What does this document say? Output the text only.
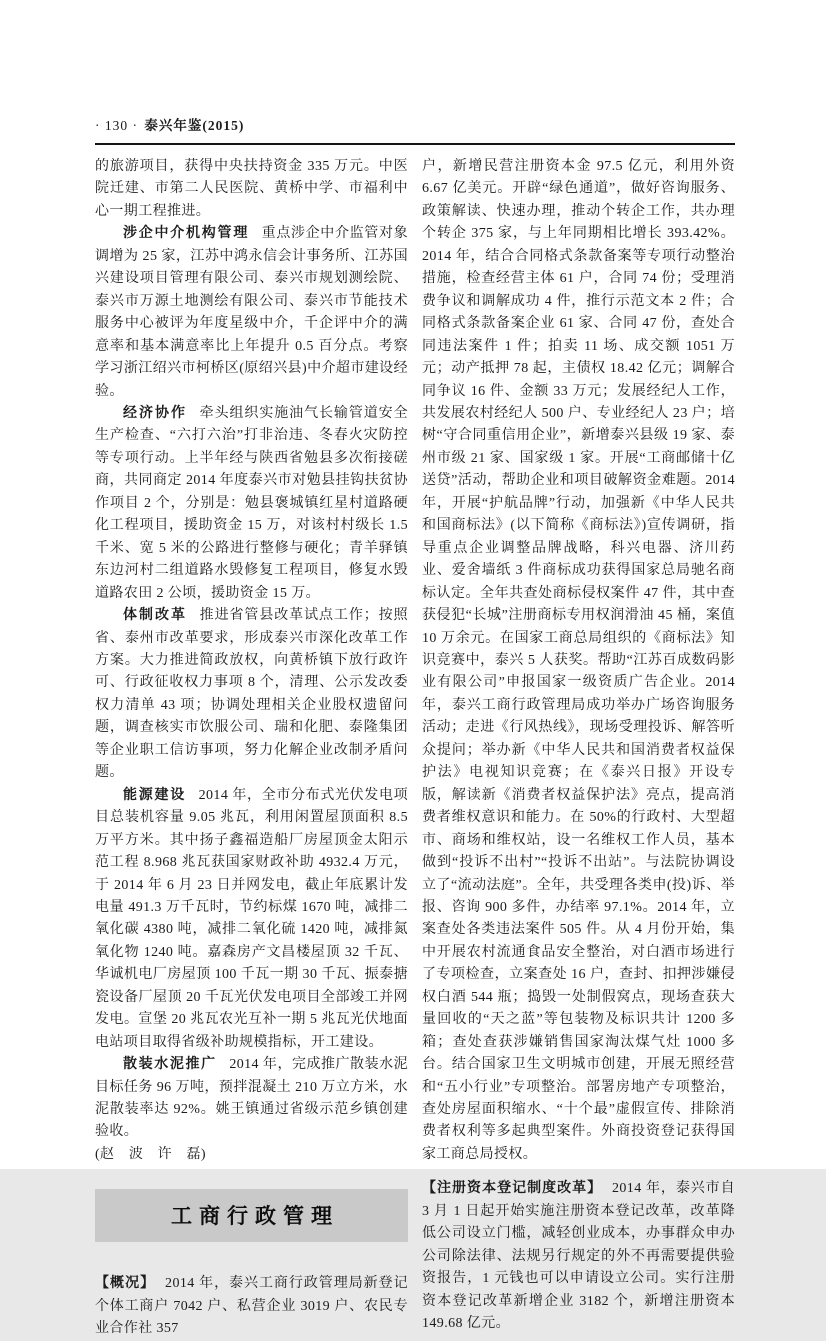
· 130 · 泰兴年鉴(2015)

的旅游项目，获得中央扶持资金 335 万元。中医院迁建、市第二人民医院、黄桥中学、市福利中心一期工程推进。

涉企中介机构管理 重点涉企中介监管对象调增为 25 家，江苏中鸿永信会计事务所、江苏国兴建设项目管理有限公司、泰兴市规划测绘院、泰兴市万源土地测绘有限公司、泰兴市节能技术服务中心被评为年度星级中介，千企评中介的满意率和基本满意率比上年提升 0.5 百分点。考察学习浙江绍兴市柯桥区(原绍兴县)中介超市建设经验。

经济协作 牵头组织实施油气长输管道安全生产检查、“六打六治”打非治违、冬春火灾防控等专项行动。上半年经与陕西省勉县多次衔接磋商，共同商定 2014 年度泰兴市对勉县挂钩扶贫协作项目 2 个，分别是：勉县褒城镇红星村道路硬化工程项目，援助资金 15 万，对该村村级长 1.5 千米、宽 5 米的公路进行整修与硬化；青羊驿镇东边河村二组道路水毁修复工程项目，修复水毁道路农田 2 公顷，援助资金 15 万。

体制改革 推进省管县改革试点工作；按照省、泰州市改革要求，形成泰兴市深化改革工作方案。大力推进简政放权，向黄桥镇下放行政许可、行政征收权力事项 8 个，清理、公示发改委权力清单 43 项；协调处理相关企业股权遗留问题，调查核实市饮服公司、瑞和化肥、泰隆集团等企业职工信访事项，努力化解企业改制矛盾问题。

能源建设 2014 年，全市分布式光伏发电项目总装机容量 9.05 兆瓦，利用闲置屋顶面积 8.5 万平方米。其中扬子鑫福造船厂房屋顶金太阳示范工程 8.968 兆瓦获国家财政补助 4932.4 万元，于 2014 年 6 月 23 日并网发电，截止年底累计发电量 491.3 万千瓦时，节约标煤 1670 吨，减排二氧化碳 4380 吨，减排二氧化硫 1420 吨，减排氮氧化物 1240 吨。嘉森房产文昌楼屋顶 32 千瓦、华诚机电厂房屋顶 100 千瓦一期 30 千瓦、振泰搪瓷设备厂屋顶 20 千瓦光伏发电项目全部竣工并网发电。宣堡 20 兆瓦农光互补一期 5 兆瓦光伏地面电站项目取得省级补助规模指标，开工建设。

散装水泥推广 2014 年，完成推广散装水泥目标任务 96 万吨，预拌混凝土 210 万立方米，水泥散装率达 92%。姚王镇通过省级示范乡镇创建验收。

(赵　波　许　磊)

工商行政管理

【概况】 2014 年，泰兴工商行政管理局新登记个体工商户 7042 户、私营企业 3019 户、农民专业合作社 357

户，新增民营注册资本金 97.5 亿元，利用外资 6.67 亿美元。开辟“绿色通道”，做好咨询服务、政策解读、快速办理，推动个转企工作，共办理个转企 375 家，与上年同期相比增长 393.42%。2014 年，结合合同格式条款备案等专项行动整治措施，检查经营主体 61 户，合同 74 份；受理消费争议和调解成功 4 件，推行示范文本 2 件；合同格式条款备案企业 61 家、合同 47 份，查处合同违法案件 1 件；拍卖 11 场、成交额 1051 万元；动产抵押 78 起，主债权 18.42 亿元；调解合同争议 16 件、金额 33 万元；发展经纪人工作，共发展农村经纪人 500 户、专业经纪人 23 户；培树“守合同重信用企业”，新增泰兴县级 19 家、泰州市级 21 家、国家级 1 家。开展“工商邮储十亿送贷”活动，帮助企业和项目破解资金难题。2014 年，开展“护航品牌”行动，加强新《中华人民共和国商标法》(以下简称《商标法》)宣传调研，指导重点企业调整品牌战略，科兴电器、济川药业、爱舍墙纸 3 件商标成功获得国家总局驰名商标认定。全年共查处商标侵权案件 47 件，其中查获侵犯“长城”注册商标专用权润滑油 45 桶，案值 10 万余元。在国家工商总局组织的《商标法》知识竞赛中，泰兴 5 人获奖。帮助“江苏百成数码影业有限公司”申报国家一级资质广告企业。2014 年，泰兴工商行政管理局成功举办广场咨询服务活动；走进《行风热线》，现场受理投诉、解答听众提问；举办新《中华人民共和国消费者权益保护法》电视知识竞赛；在《泰兴日报》开设专版，解读新《消费者权益保护法》亮点，提高消费者维权意识和能力。在 50%的行政村、大型超市、商场和维权站，设一名维权工作人员，基本做到“投诉不出村”“投诉不出站”。与法院协调设立了“流动法庭”。全年，共受理各类申(投)诉、举报、咨询 900 多件，办结率 97.1%。2014 年，立案查处各类违法案件 505 件。从 4 月份开始，集中开展农村流通食品安全整治，对白酒市场进行了专项检查，立案查处 16 户，查封、扣押涉嫌侵权白酒 544 瓶；捣毁一处制假窝点，现场查获大量回收的“天之蓝”等包装物及标识共计 1200 多箱；查处查获涉嫌销售国家淘汰煤气灶 1000 多台。结合国家卫生文明城市创建，开展无照经营和“五小行业”专项整治。部署房地产专项整治，查处房屋面积缩水、“十个最”虚假宣传、排除消费者权利等多起典型案件。外商投资登记获得国家工商总局授权。

【注册资本登记制度改革】 2014 年，泰兴市自 3 月 1 日起开始实施注册资本登记改革，改革降低公司设立门槛，减轻创业成本，办事群众申办公司除法律、法规另行规定的外不再需要提供验资报告，1 元钱也可以申请设立公司。实行注册资本登记改革新增企业 3182 个，新增注册资本 149.68 亿元。
